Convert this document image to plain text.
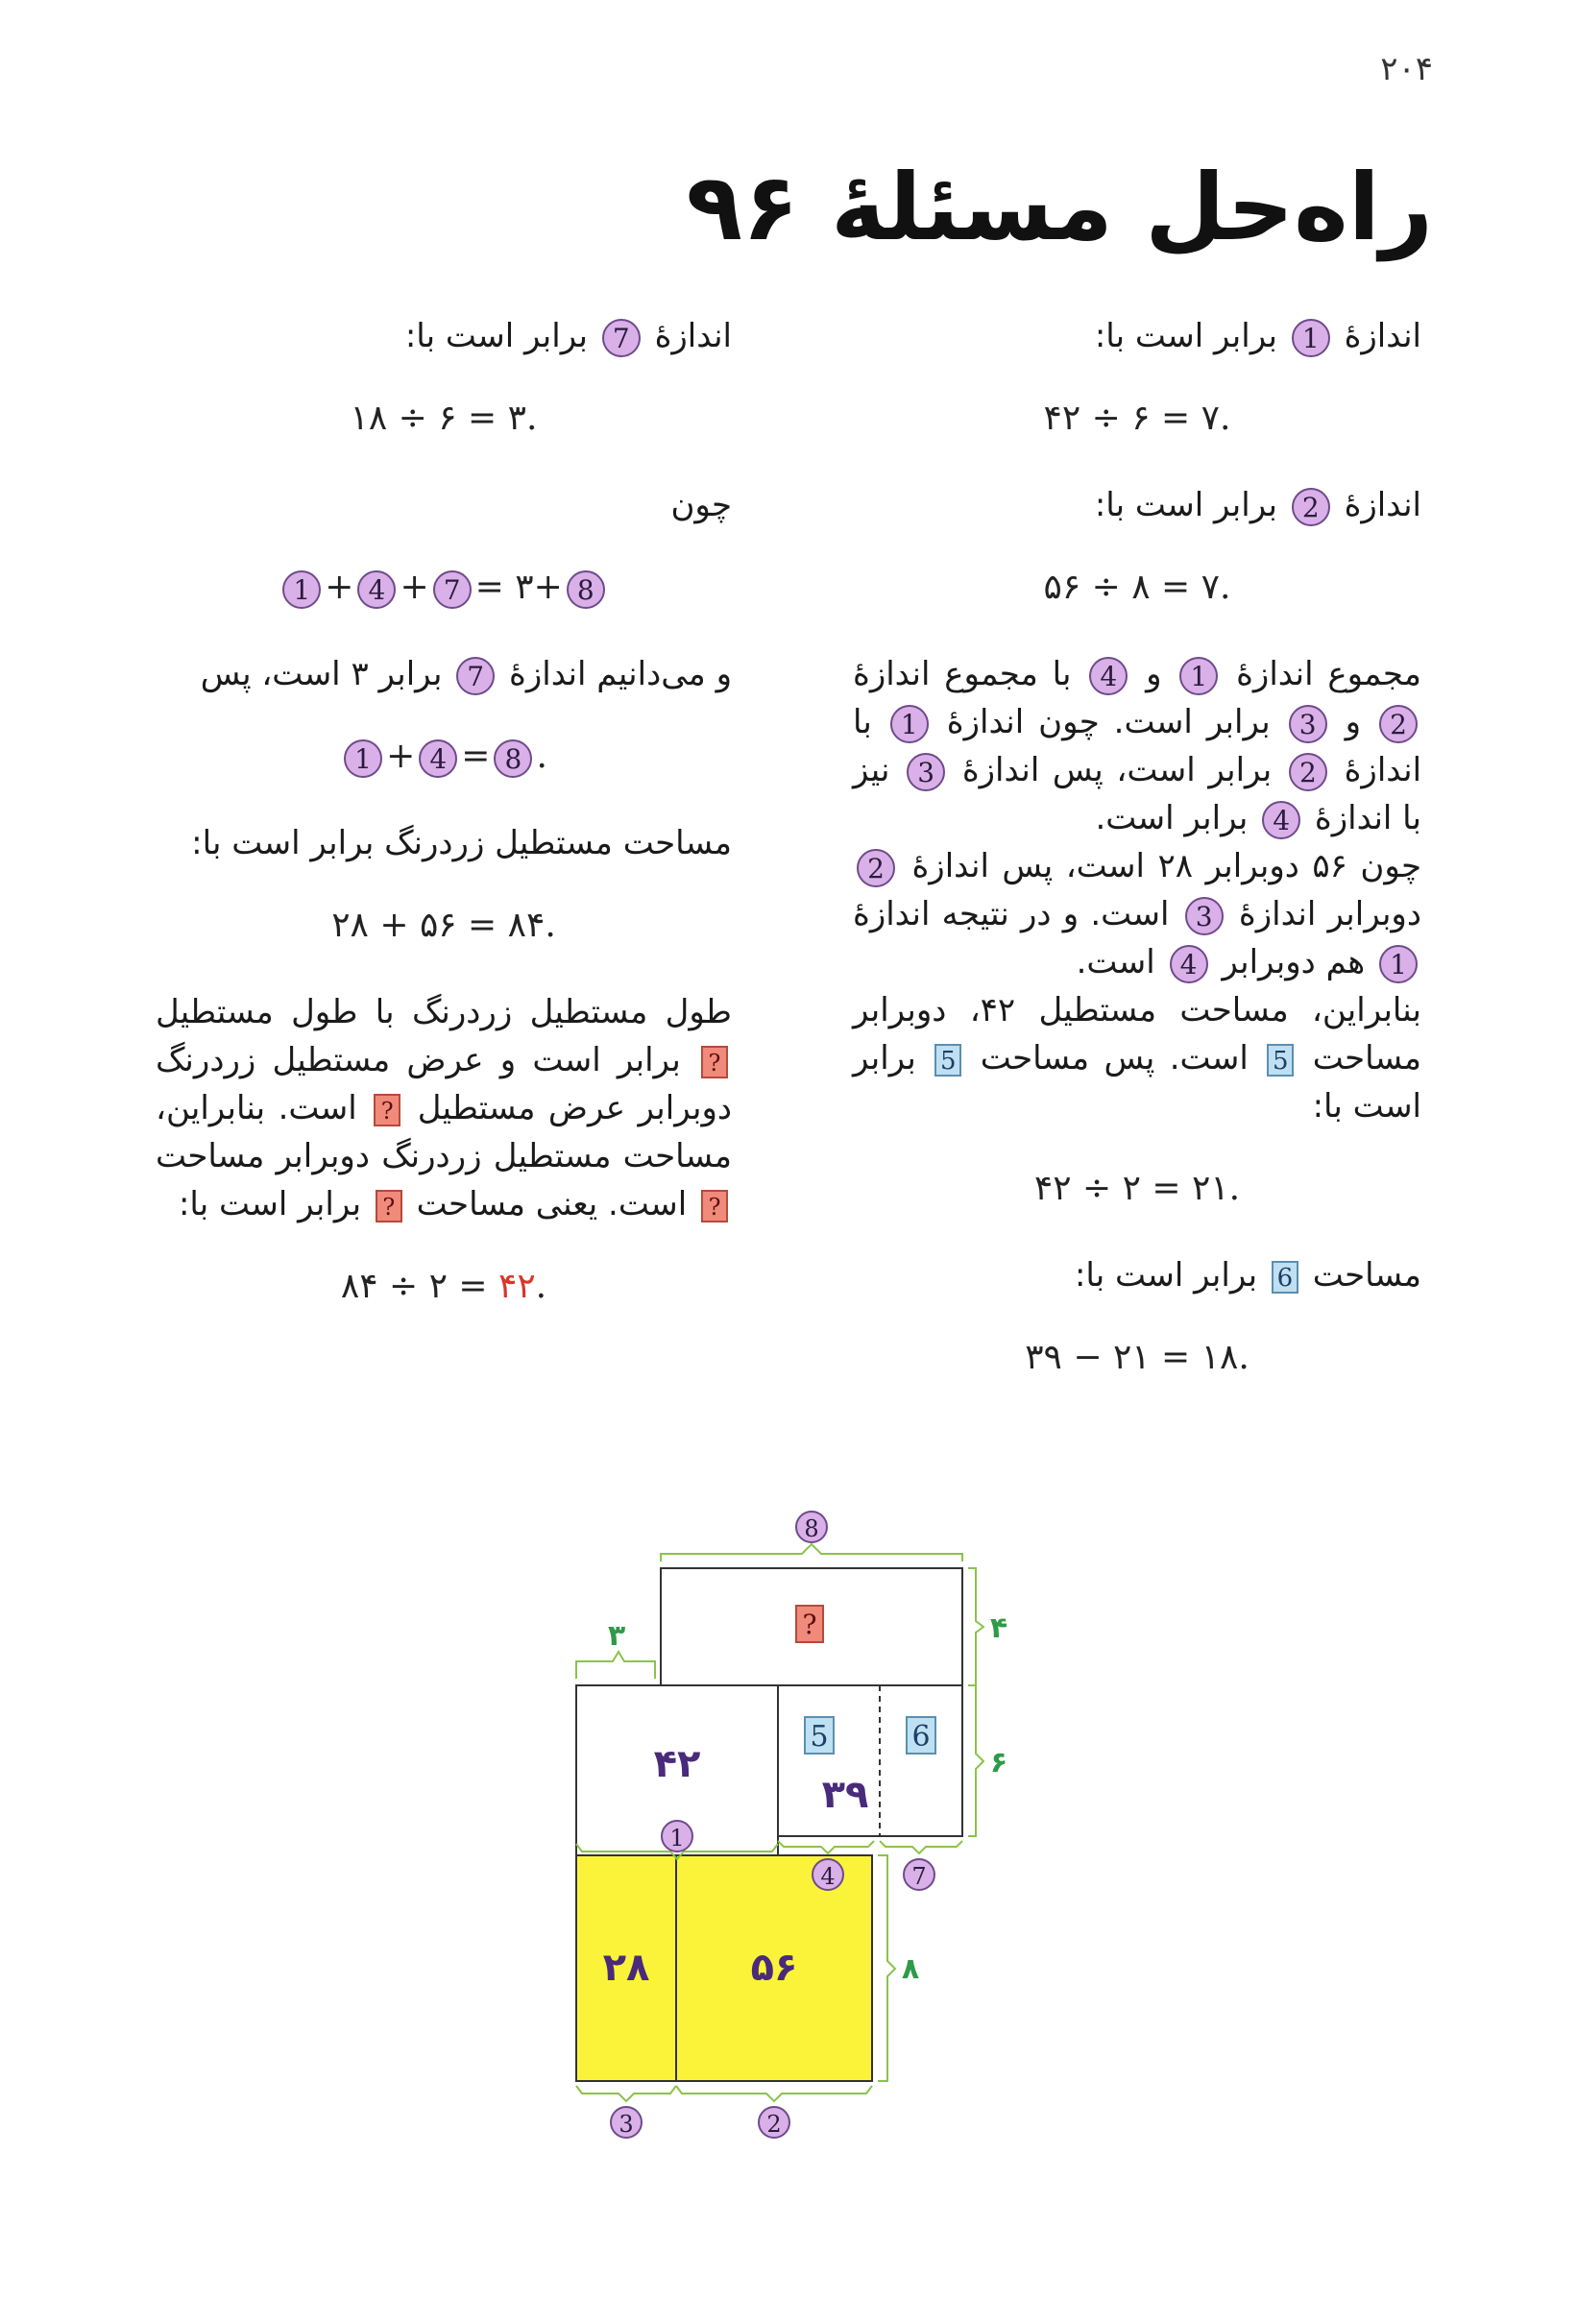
۲۰۴
راه‌حل مسئلهٔ ۹۶

اندازهٔ 1 برابر است با:

۴۲ ÷ ۶ = ۷.

اندازهٔ 2 برابر است با:

۵۶ ÷ ۸ = ۷.

مجموع اندازهٔ 1 و 4 با مجموع اندازهٔ 2 و 3 برابر است. چون اندازهٔ 1 با اندازهٔ 2 برابر است، پس اندازهٔ 3 نیز با اندازهٔ 4 برابر است.

چون ۵۶ دوبرابر ۲۸ است، پس اندازهٔ 2 دوبرابر اندازهٔ 3 است. و در نتیجه اندازهٔ 1 هم دوبرابر 4 است.

بنابراین، مساحت مستطیل ۴۲، دوبرابر مساحت 5 است. پس مساحت 5 برابر است با:

۴۲ ÷ ۲ = ۲۱.

مساحت 6 برابر است با:

۳۹ − ۲۱ = ۱۸.

اندازهٔ 7 برابر است با:

۱۸ ÷ ۶ = ۳.

چون

1 + 4 + 7 = ۳+ 8

و می‌دانیم اندازهٔ 7 برابر ۳ است، پس

1 + 4 = 8 .

مساحت مستطیل زردرنگ برابر است با:

۲۸ + ۵۶ = ۸۴.

طول مستطیل زردرنگ با طول مستطیل ? برابر است و عرض مستطیل زردرنگ دوبرابر عرض مستطیل ? است. بنابراین، مساحت مستطیل زردرنگ دوبرابر مساحت ? است. یعنی مساحت ? برابر است با:

۸۴ ÷ ۲ = ۴۲.
۴۲
۳۹
۲۸	۵۶
?
5	6
۳	۴
۶
۸
8
1
4	7
3	2
